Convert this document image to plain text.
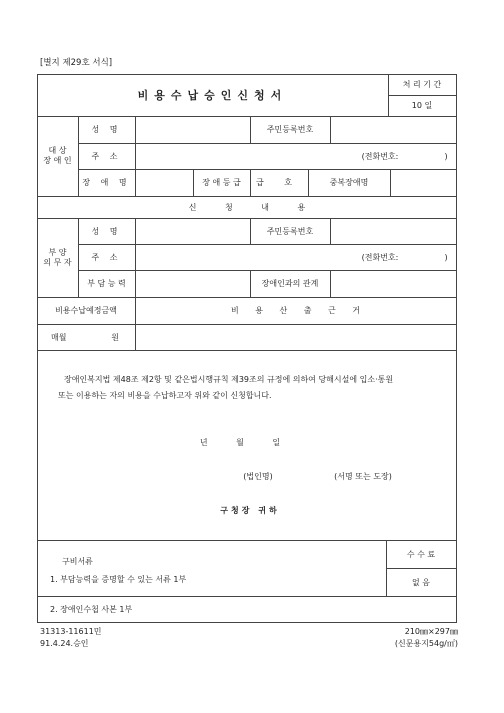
[별지 제29호 서식]
비용수납승인신청서
처 리 기 간
10 일
대 상
장 애 인
성 명	주민등록번호
주 소	(전화번호:	)
장 애 명	장 애 등 급	급 호	중복장애명
신 청 내 용
부 양
의 무 자
성 명	주민등록번호
주 소	(전화번호:	)
부 담 능 력	장애인과의 관계
비용수납예정금액	비 용 산 출 근 거
매월	원
장애인복지법 제48조 제2항 및 같은법시행규칙 제39조의 규정에 의하여 당해시설에 입소·통원
또는 이용하는 자의 비용을 수납하고자 위와 같이 신청합니다.
년 월 일
(법인명)	(서명 또는 도장)
구청장 귀하
구비서류
1. 부담능력을 증명할 수 있는 서류 1부
2. 장애인수첩 사본 1부
수 수 료
없 음
31313-11611민
91.4.24.승인
210㎜×297㎜
(신문용지54g/㎡)
